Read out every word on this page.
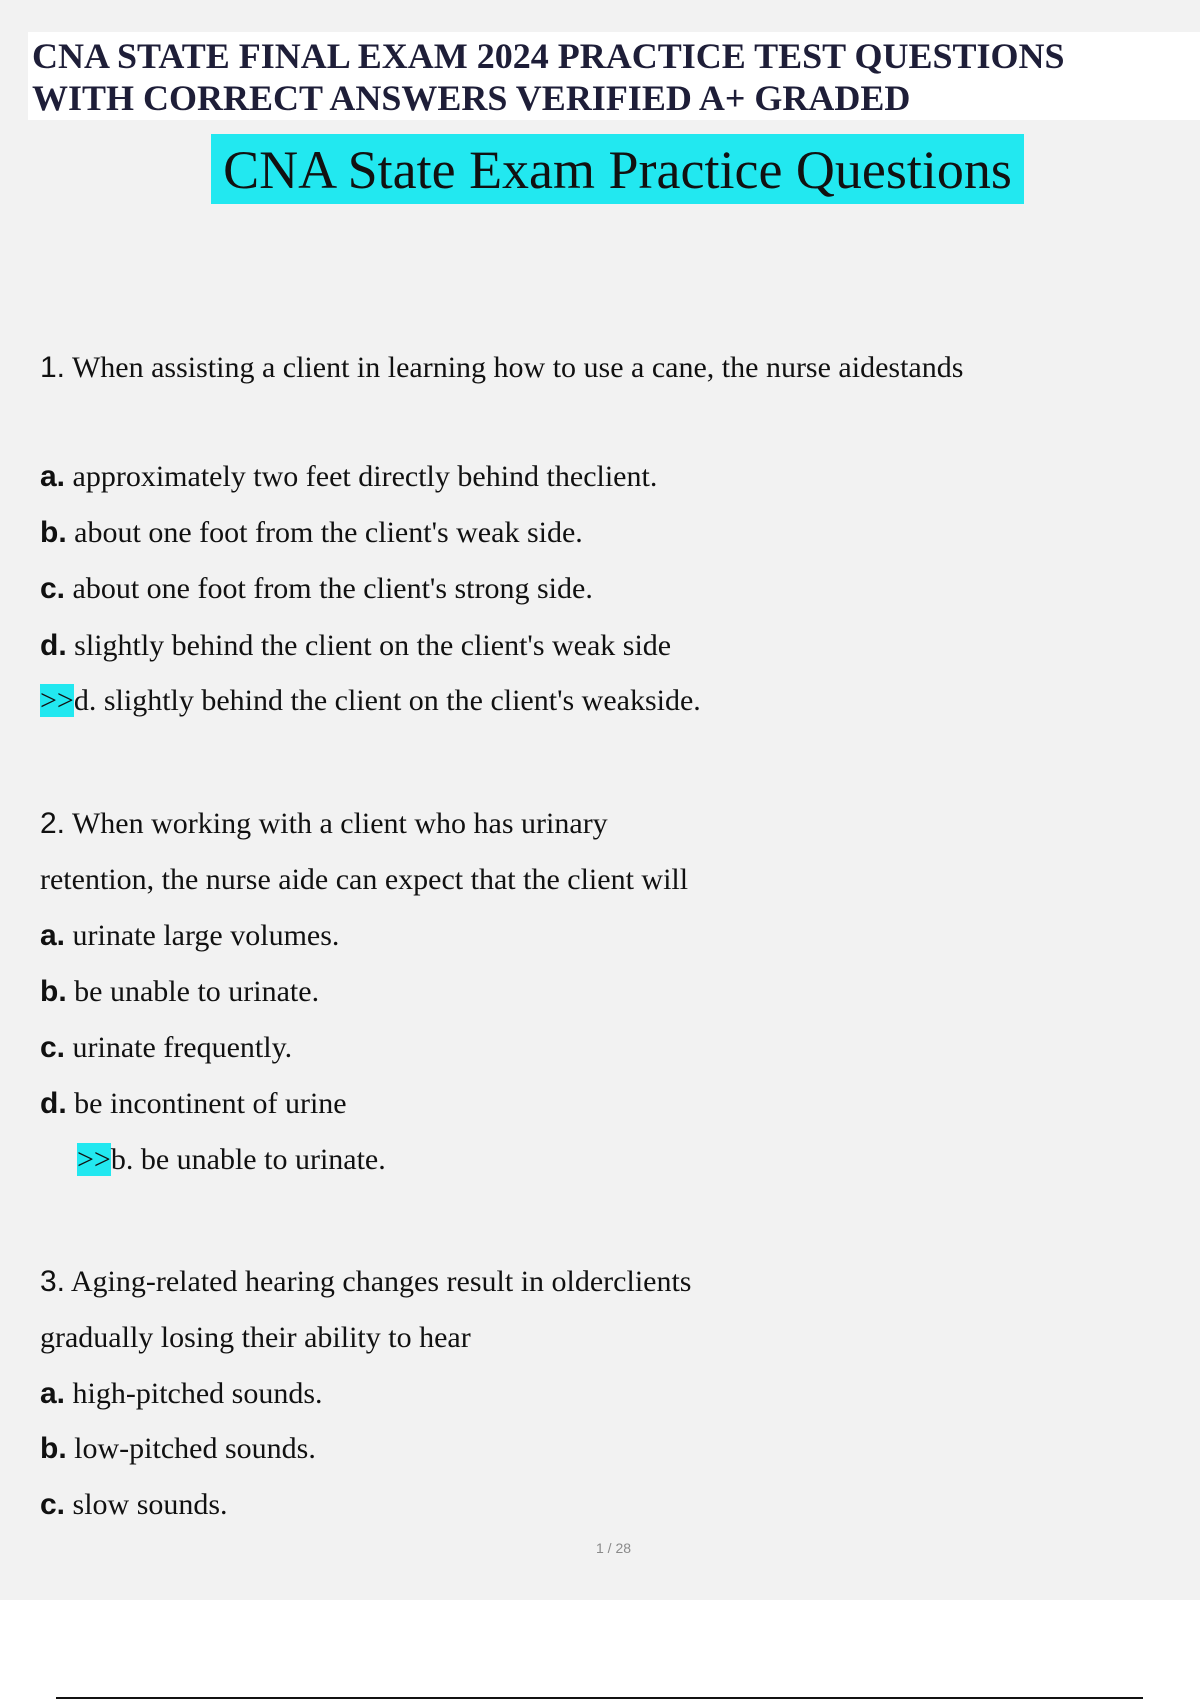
CNA STATE FINAL EXAM 2024 PRACTICE TEST QUESTIONS
WITH CORRECT ANSWERS VERIFIED A+ GRADED
CNA State Exam Practice Questions
1. When assisting a client in learning how to use a cane, the nurse aidestands
a. approximately two feet directly behind theclient.
b. about one foot from the client's weak side.
c. about one foot from the client's strong side.
d. slightly behind the client on the client's weak side
>>d. slightly behind the client on the client's weakside.
2. When working with a client who has urinary
retention, the nurse aide can expect that the client will
a. urinate large volumes.
b. be unable to urinate.
c. urinate frequently.
d. be incontinent of urine
>>b. be unable to urinate.
3. Aging-related hearing changes result in olderclients
gradually losing their ability to hear
a. high-pitched sounds.
b. low-pitched sounds.
c. slow sounds.
1 / 28
